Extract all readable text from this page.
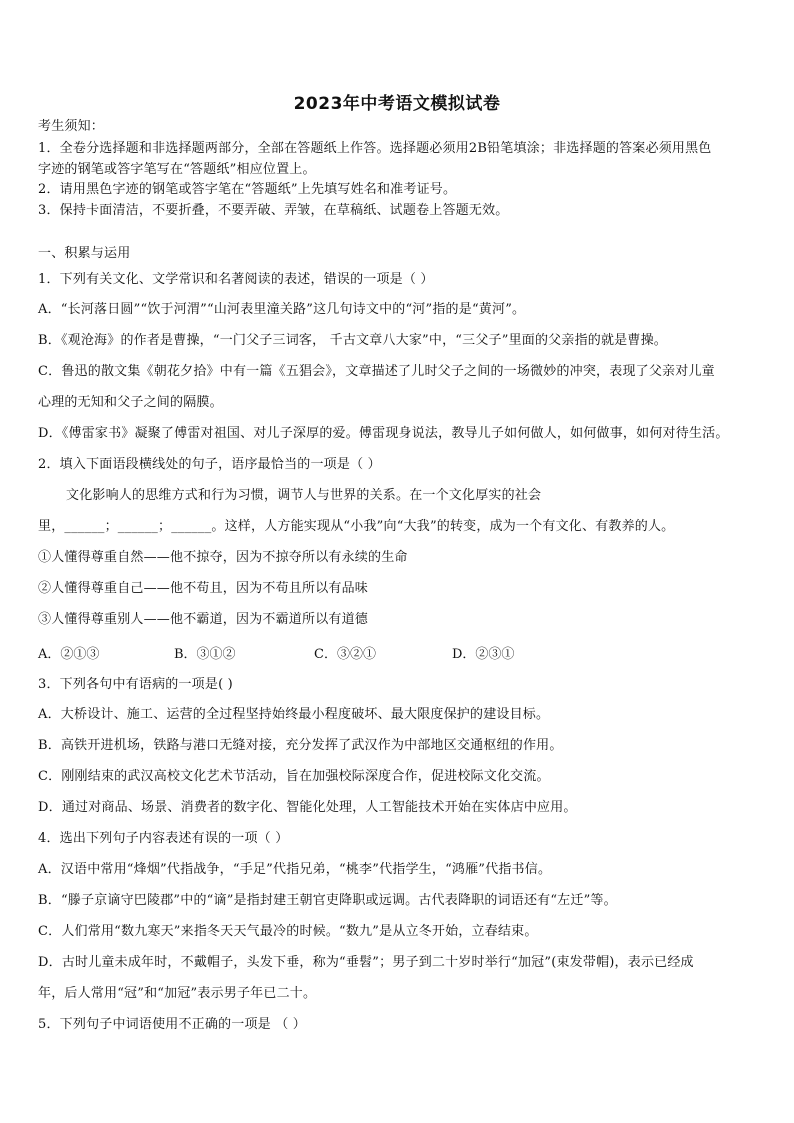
2023年中考语文模拟试卷
考生须知：
1．全卷分选择题和非选择题两部分，全部在答题纸上作答。选择题必须用2B铅笔填涂；非选择题的答案必须用黑色
字迹的钢笔或答字笔写在“答题纸”相应位置上。
2．请用黑色字迹的钢笔或答字笔在“答题纸”上先填写姓名和准考证号。
3．保持卡面清洁，不要折叠，不要弄破、弄皱，在草稿纸、试题卷上答题无效。
一、积累与运用
1．下列有关文化、文学常识和名著阅读的表述，错误的一项是（ ）
A．“长河落日圆”“饮于河渭”“山河表里潼关路”这几句诗文中的“河”指的是“黄河”。
B．《观沧海》的作者是曹操，“一门父子三词客， 千古文章八大家”中，“三父子”里面的父亲指的就是曹操。
C．鲁迅的散文集《朝花夕拾》中有一篇《五猖会》，文章描述了儿时父子之间的一场微妙的冲突，表现了父亲对儿童
心理的无知和父子之间的隔膜。
D．《傅雷家书》凝聚了傅雷对祖国、对儿子深厚的爱。傅雷现身说法，教导儿子如何做人，如何做事，如何对待生活。
2．填入下面语段横线处的句子，语序最恰当的一项是（ ）
文化影响人的思维方式和行为习惯，调节人与世界的关系。在一个文化厚实的社会
里，______；______；______。这样，人方能实现从“小我”向“大我”的转变，成为一个有文化、有教养的人。
①人懂得尊重自然——他不掠夺，因为不掠夺所以有永续的生命
②人懂得尊重自己——他不苟且，因为不苟且所以有品味
③人懂得尊重别人——他不霸道，因为不霸道所以有道德
A．②①③	B．③①②	C．③②①	D．②③①
3．下列各句中有语病的一项是( )
A．大桥设计、施工、运营的全过程坚持始终最小程度破坏、最大限度保护的建设目标。
B．高铁开进机场，铁路与港口无缝对接，充分发挥了武汉作为中部地区交通枢纽的作用。
C．刚刚结束的武汉高校文化艺术节活动，旨在加强校际深度合作，促进校际文化交流。
D．通过对商品、场景、消费者的数字化、智能化处理，人工智能技术开始在实体店中应用。
4．选出下列句子内容表述有误的一项（ ）
A．汉语中常用“烽烟”代指战争，“手足”代指兄弟，“桃李”代指学生，“鸿雁”代指书信。
B．“滕子京谪守巴陵郡”中的“谪”是指封建王朝官吏降职或远调。古代表降职的词语还有“左迁”等。
C．人们常用“数九寒天”来指冬天天气最冷的时候。“数九”是从立冬开始，立春结束。
D．古时儿童未成年时，不戴帽子，头发下垂，称为“垂髫”；男子到二十岁时举行“加冠”(束发带帽)，表示已经成
年，后人常用“冠”和“加冠”表示男子年已二十。
5．下列句子中词语使用不正确的一项是 （ ）
